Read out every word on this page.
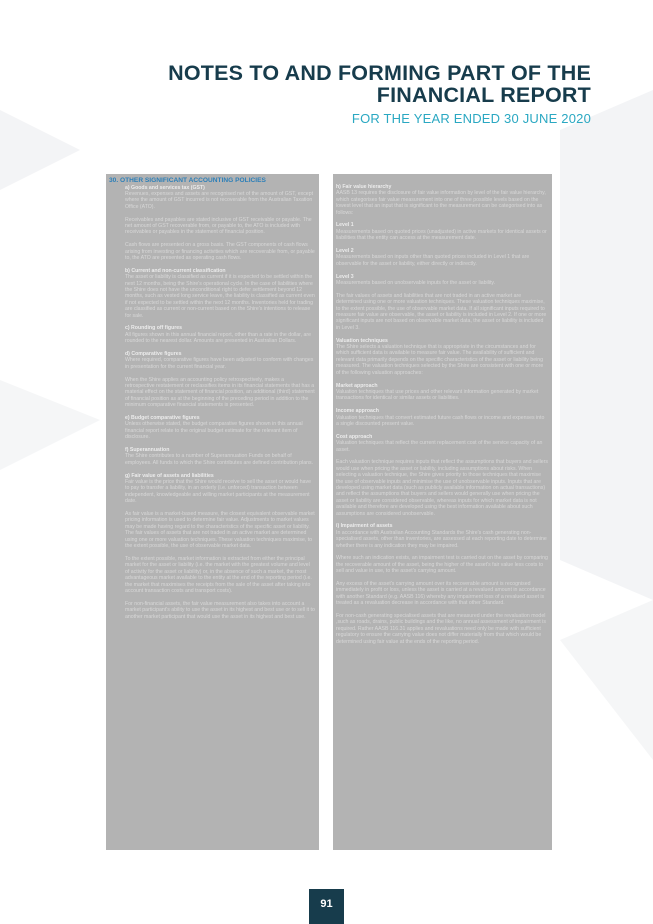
NOTES TO AND FORMING PART OF THE
FINANCIAL REPORT
FOR THE YEAR ENDED 30 JUNE 2020
30. OTHER SIGNIFICANT ACCOUNTING POLICIES
a) Goods and services tax (GST)
Revenues, expenses and assets are recognised net of the amount of GST, except where the amount of GST incurred is not recoverable from the Australian Taxation Office (ATO).
Receivables and payables are stated inclusive of GST receivable or payable. The net amount of GST recoverable from, or payable to, the ATO is included with receivables or payables in the statement of financial position.
Cash flows are presented on a gross basis. The GST components of cash flows arising from investing or financing activities which are recoverable from, or payable to, the ATO are presented as operating cash flows.
b) Current and non-current classification
The asset or liability is classified as current if it is expected to be settled within the next 12 months, being the Shire's operational cycle. In the case of liabilities where the Shire does not have the unconditional right to defer settlement beyond 12 months, such as vested long service leave, the liability is classified as current even if not expected to be settled within the next 12 months. Inventories held for trading are classified as current or non-current based on the Shire's intentions to release for sale.
c) Rounding off figures
All figures shown in this annual financial report, other than a rate in the dollar, are rounded to the nearest dollar. Amounts are presented in Australian Dollars.
d) Comparative figures
Where required, comparative figures have been adjusted to conform with changes in presentation for the current financial year.
When the Shire applies an accounting policy retrospectively, makes a retrospective restatement or reclassifies items in its financial statements that has a material effect on the statement of financial position, an additional (third) statement of financial position as at the beginning of the preceding period in addition to the minimum comparative financial statements is presented.
e) Budget comparative figures
Unless otherwise stated, the budget comparative figures shown in this annual financial report relate to the original budget estimate for the relevant item of disclosure.
f) Superannuation
The Shire contributes to a number of Superannuation Funds on behalf of employees. All funds to which the Shire contributes are defined contribution plans.
g) Fair value of assets and liabilities
Fair value is the price that the Shire would receive to sell the asset or would have to pay to transfer a liability, in an orderly (i.e. unforced) transaction between independent, knowledgeable and willing market participants at the measurement date.
As fair value is a market-based measure, the closest equivalent observable market pricing information is used to determine fair value. Adjustments to market values may be made having regard to the characteristics of the specific asset or liability. The fair values of assets that are not traded in an active market are determined using one or more valuation techniques. These valuation techniques maximise, to the extent possible, the use of observable market data.
To the extent possible, market information is extracted from either the principal market for the asset or liability (i.e. the market with the greatest volume and level of activity for the asset or liability) or, in the absence of such a market, the most advantageous market available to the entity at the end of the reporting period (i.e. the market that maximises the receipts from the sale of the asset after taking into account transaction costs and transport costs).
For non-financial assets, the fair value measurement also takes into account a market participant's ability to use the asset in its highest and best use or to sell it to another market participant that would use the asset in its highest and best use.
h) Fair value hierarchy
AASB 13 requires the disclosure of fair value information by level of the fair value hierarchy, which categorises fair value measurement into one of three possible levels based on the lowest level that an input that is significant to the measurement can be categorised into as follows:
Level 1
Measurements based on quoted prices (unadjusted) in active markets for identical assets or liabilities that the entity can access at the measurement date.
Level 2
Measurements based on inputs other than quoted prices included in Level 1 that are observable for the asset or liability, either directly or indirectly.
Level 3
Measurements based on unobservable inputs for the asset or liability.
The fair values of assets and liabilities that are not traded in an active market are determined using one or more valuation techniques. These valuation techniques maximise, to the extent possible, the use of observable market data. If all significant inputs required to measure fair value are observable, the asset or liability is included in Level 2. If one or more significant inputs are not based on observable market data, the asset or liability is included in Level 3.
Valuation techniques
The Shire selects a valuation technique that is appropriate in the circumstances and for which sufficient data is available to measure fair value. The availability of sufficient and relevant data primarily depends on the specific characteristics of the asset or liability being measured. The valuation techniques selected by the Shire are consistent with one or more of the following valuation approaches:
Market approach
Valuation techniques that use prices and other relevant information generated by market transactions for identical or similar assets or liabilities.
Income approach
Valuation techniques that convert estimated future cash flows or income and expenses into a single discounted present value.
Cost approach
Valuation techniques that reflect the current replacement cost of the service capacity of an asset.
Each valuation technique requires inputs that reflect the assumptions that buyers and sellers would use when pricing the asset or liability, including assumptions about risks. When selecting a valuation technique, the Shire gives priority to those techniques that maximise the use of observable inputs and minimise the use of unobservable inputs. Inputs that are developed using market data (such as publicly available information on actual transactions) and reflect the assumptions that buyers and sellers would generally use when pricing the asset or liability are considered observable, whereas inputs for which market data is not available and therefore are developed using the best information available about such assumptions are considered unobservable.
i) Impairment of assets
In accordance with Australian Accounting Standards the Shire's cash generating non-specialised assets, other than inventories, are assessed at each reporting date to determine whether there is any indication they may be impaired.
Where such an indication exists, an impairment test is carried out on the asset by comparing the recoverable amount of the asset, being the higher of the asset's fair value less costs to sell and value in use, to the asset's carrying amount.
Any excess of the asset's carrying amount over its recoverable amount is recognised immediately in profit or loss, unless the asset is carried at a revalued amount in accordance with another Standard (e.g. AASB 116) whereby any impairment loss of a revalued asset is treated as a revaluation decrease in accordance with that other Standard.
For non-cash generating specialised assets that are measured under the revaluation model ,such as roads, drains, public buildings and the like, no annual assessment of impairment is required. Rather AASB 116.31 applies and revaluations need only be made with sufficient regulatory to ensure the carrying value does not differ materially from that which would be determined using fair value at the ends of the reporting period.
91
